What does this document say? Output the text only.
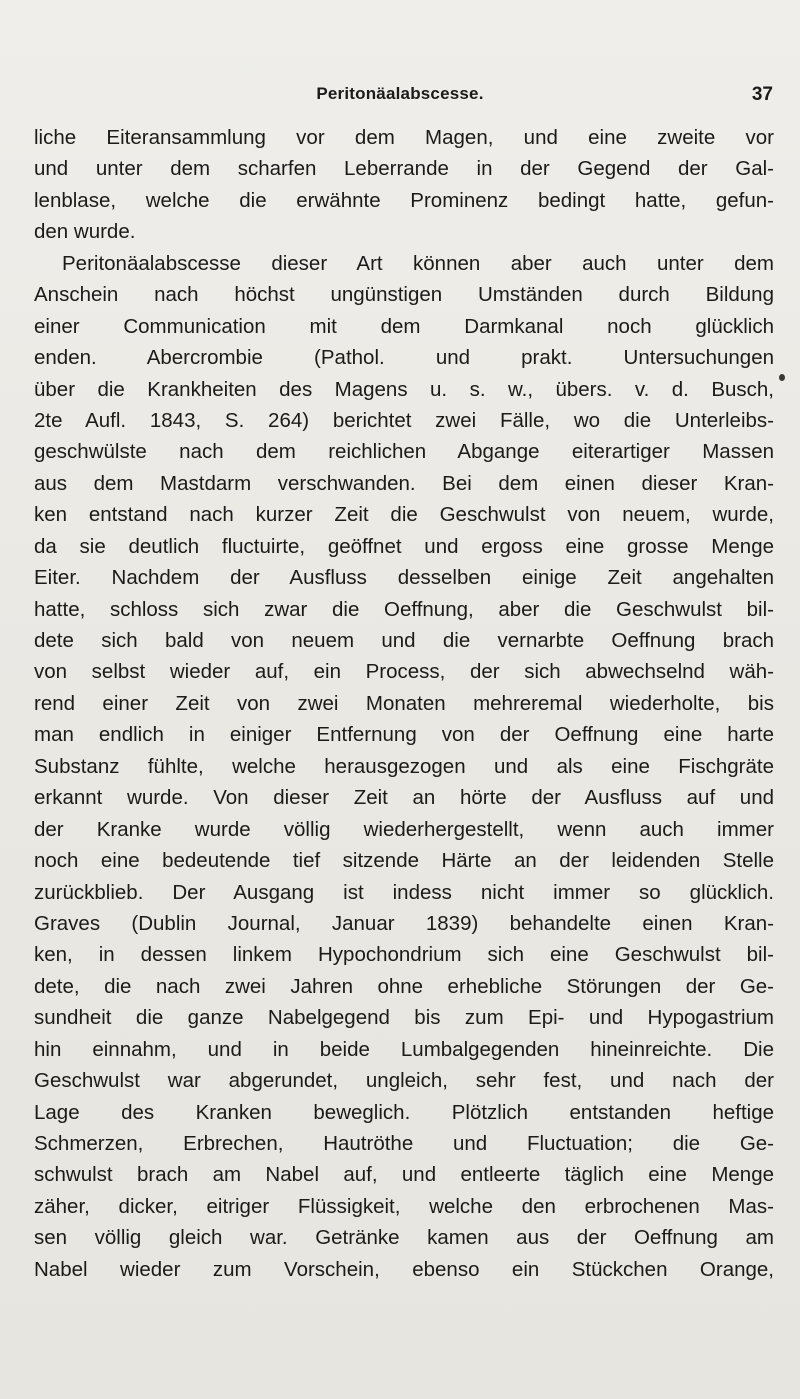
Peritonäalabscesse.	37
liche Eiteransammlung vor dem Magen, und eine zweite vor
und unter dem scharfen Leberrande in der Gegend der Gal-
lenblase, welche die erwähnte Prominenz bedingt hatte, gefun-
den wurde.
Peritonäalabscesse dieser Art können aber auch unter dem
Anschein nach höchst ungünstigen Umständen durch Bildung
einer Communication mit dem Darmkanal noch glücklich
enden. Abercrombie (Pathol. und prakt. Untersuchungen
über die Krankheiten des Magens u. s. w., übers. v. d. Busch,
2te Aufl. 1843, S. 264) berichtet zwei Fälle, wo die Unterleibs-
geschwülste nach dem reichlichen Abgange eiterartiger Massen
aus dem Mastdarm verschwanden. Bei dem einen dieser Kran-
ken entstand nach kurzer Zeit die Geschwulst von neuem, wurde,
da sie deutlich fluctuirte, geöffnet und ergoss eine grosse Menge
Eiter. Nachdem der Ausfluss desselben einige Zeit angehalten
hatte, schloss sich zwar die Oeffnung, aber die Geschwulst bil-
dete sich bald von neuem und die vernarbte Oeffnung brach
von selbst wieder auf, ein Process, der sich abwechselnd wäh-
rend einer Zeit von zwei Monaten mehreremal wiederholte, bis
man endlich in einiger Entfernung von der Oeffnung eine harte
Substanz fühlte, welche herausgezogen und als eine Fischgräte
erkannt wurde. Von dieser Zeit an hörte der Ausfluss auf und
der Kranke wurde völlig wiederhergestellt, wenn auch immer
noch eine bedeutende tief sitzende Härte an der leidenden Stelle
zurückblieb. Der Ausgang ist indess nicht immer so glücklich.
Graves (Dublin Journal, Januar 1839) behandelte einen Kran-
ken, in dessen linkem Hypochondrium sich eine Geschwulst bil-
dete, die nach zwei Jahren ohne erhebliche Störungen der Ge-
sundheit die ganze Nabelgegend bis zum Epi- und Hypogastrium
hin einnahm, und in beide Lumbalgegenden hineinreichte. Die
Geschwulst war abgerundet, ungleich, sehr fest, und nach der
Lage des Kranken beweglich. Plötzlich entstanden heftige
Schmerzen, Erbrechen, Hautröthe und Fluctuation; die Ge-
schwulst brach am Nabel auf, und entleerte täglich eine Menge
zäher, dicker, eitriger Flüssigkeit, welche den erbrochenen Mas-
sen völlig gleich war. Getränke kamen aus der Oeffnung am
Nabel wieder zum Vorschein, ebenso ein Stückchen Orange,
